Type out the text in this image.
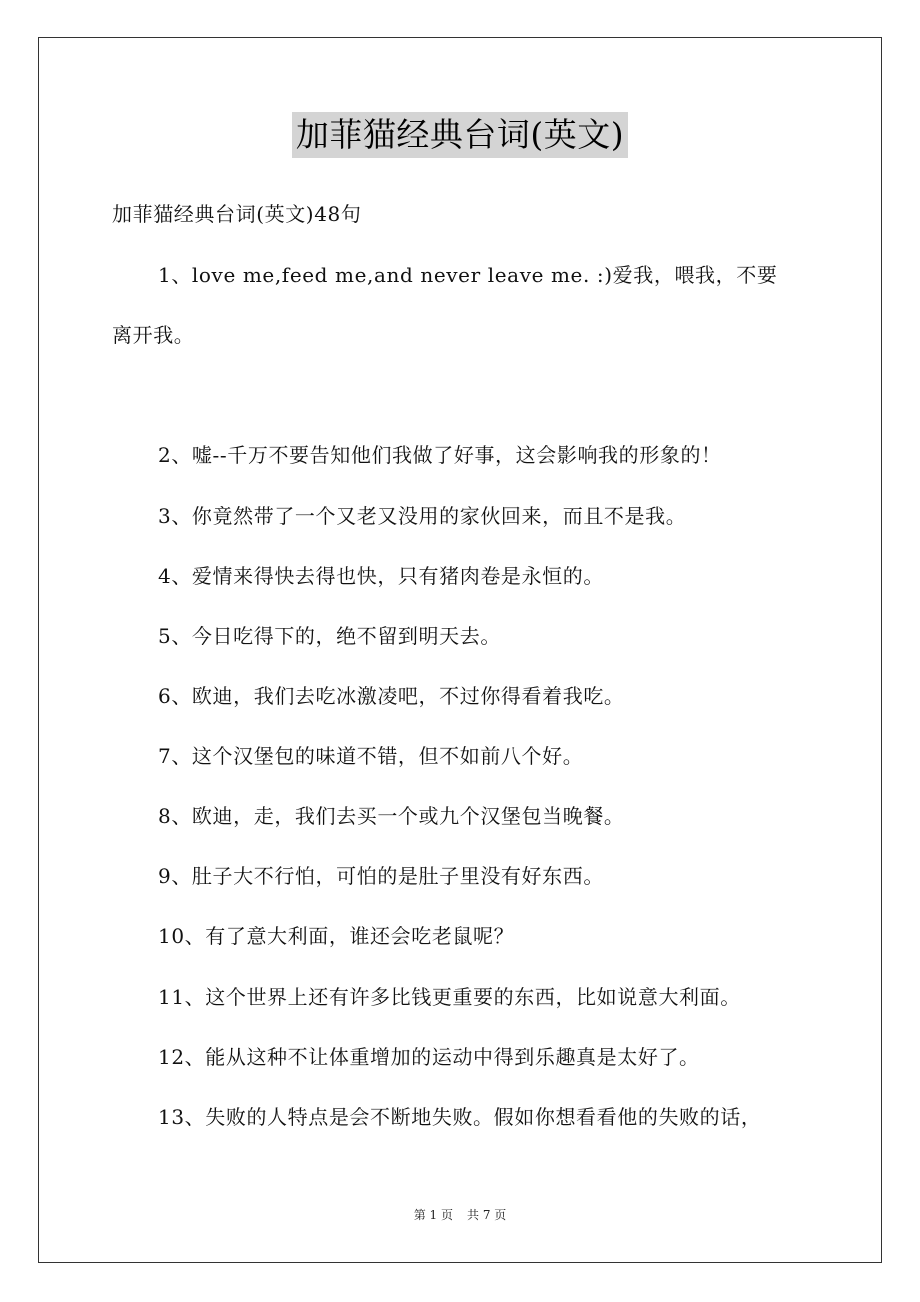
加菲猫经典台词(英文)
加菲猫经典台词(英文)48句
1、love me,feed me,and never leave me. :)爱我，喂我，不要
离开我。
2、嘘--千万不要告知他们我做了好事，这会影响我的形象的！
3、你竟然带了一个又老又没用的家伙回来，而且不是我。
4、爱情来得快去得也快，只有猪肉卷是永恒的。
5、今日吃得下的，绝不留到明天去。
6、欧迪，我们去吃冰激凌吧，不过你得看着我吃。
7、这个汉堡包的味道不错，但不如前八个好。
8、欧迪，走，我们去买一个或九个汉堡包当晚餐。
9、肚子大不行怕，可怕的是肚子里没有好东西。
10、有了意大利面，谁还会吃老鼠呢？
11、这个世界上还有许多比钱更重要的东西，比如说意大利面。
12、能从这种不让体重增加的运动中得到乐趣真是太好了。
13、失败的人特点是会不断地失败。假如你想看看他的失败的话，
第 1 页 共 7 页
